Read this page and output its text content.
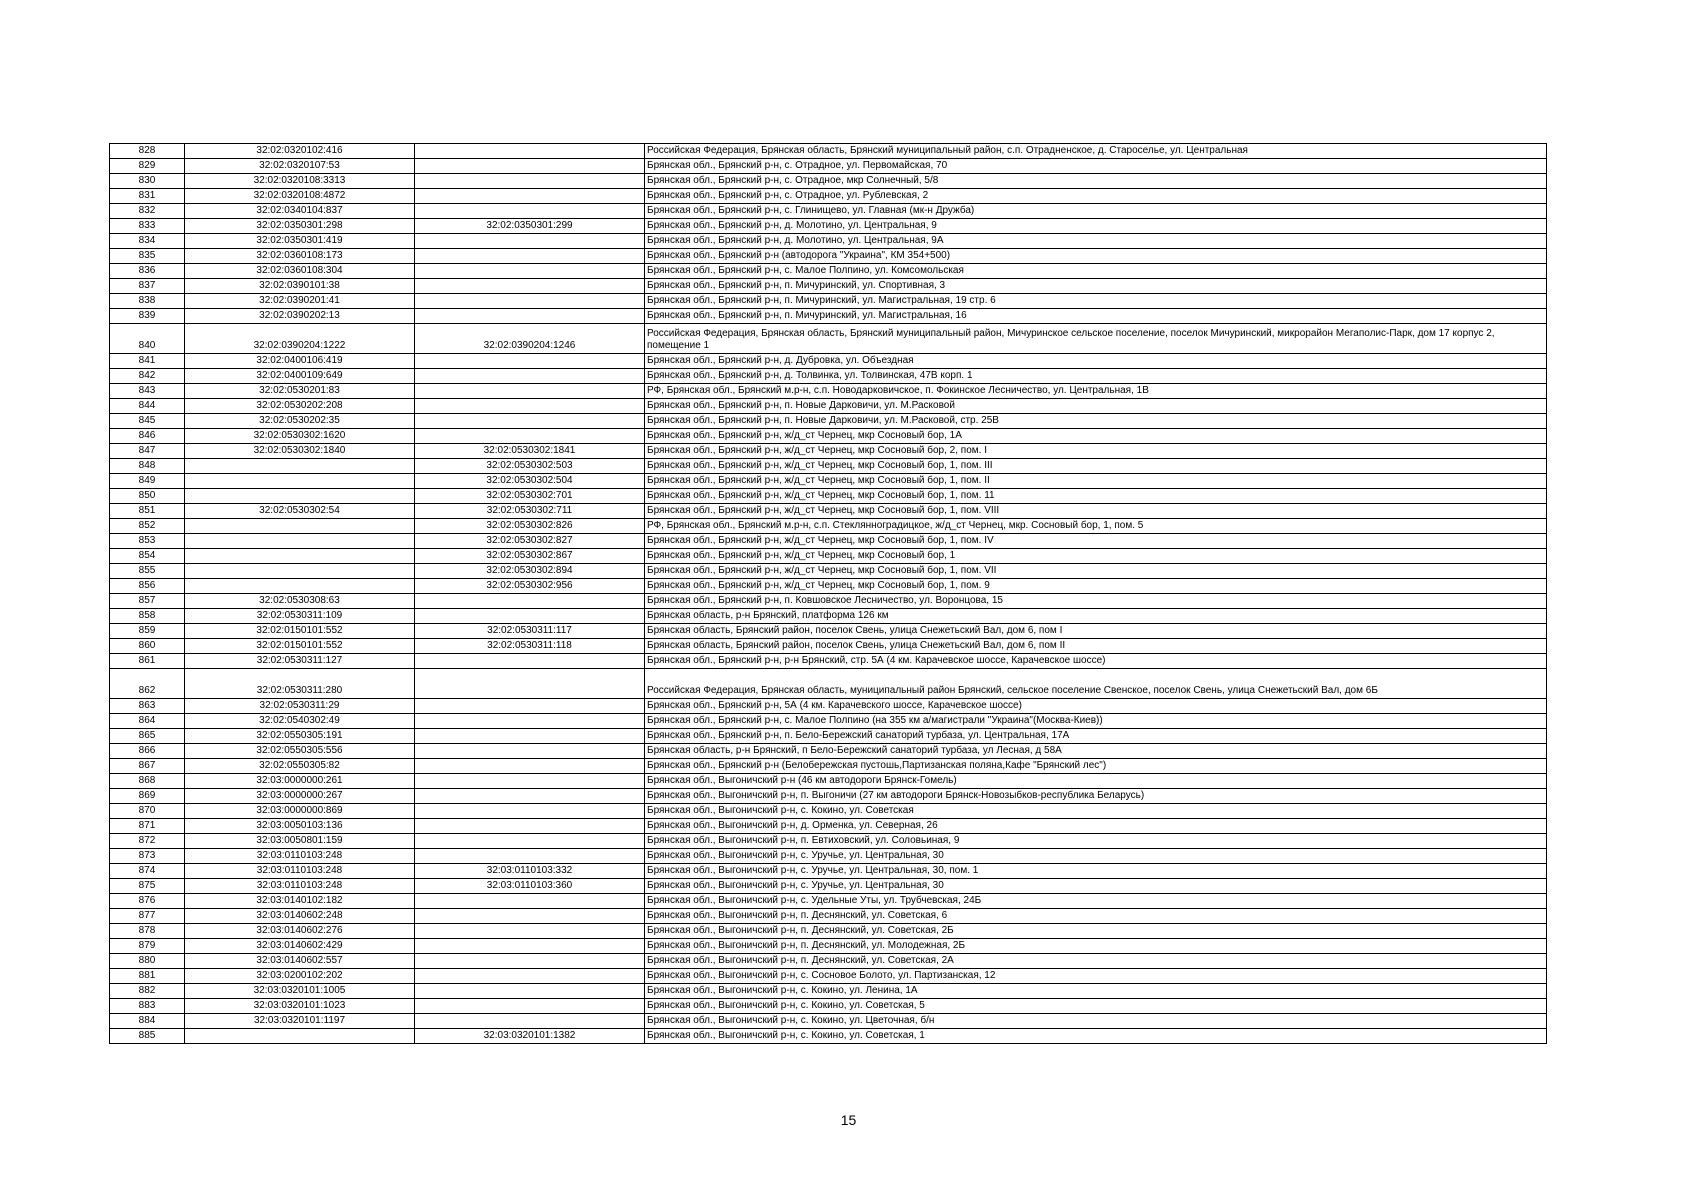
828	32:02:0320102:416		Российская Федерация, Брянская область, Брянский муниципальный район, с.п. Отрадненское, д. Староселье, ул. Центральная
829	32:02:0320107:53		Брянская обл., Брянский р-н, с. Отрадное, ул. Первомайская, 70
830	32:02:0320108:3313		Брянская обл., Брянский р-н, с. Отрадное, мкр Солнечный, 5/8
831	32:02:0320108:4872		Брянская обл., Брянский р-н, с. Отрадное, ул. Рублевская, 2
832	32:02:0340104:837		Брянская обл., Брянский р-н, с. Глинищево, ул. Главная (мк-н Дружба)
833	32:02:0350301:298	32:02:0350301:299	Брянская обл., Брянский р-н, д. Молотино, ул. Центральная, 9
834	32:02:0350301:419		Брянская обл., Брянский р-н, д. Молотино, ул. Центральная, 9А
835	32:02:0360108:173		Брянская обл., Брянский р-н (автодорога "Украина", КМ 354+500)
836	32:02:0360108:304		Брянская обл., Брянский р-н, с. Малое Полпино, ул. Комсомольская
837	32:02:0390101:38		Брянская обл., Брянский р-н, п. Мичуринский, ул. Спортивная, 3
838	32:02:0390201:41		Брянская обл., Брянский р-н, п. Мичуринский, ул. Магистральная, 19 стр. 6
839	32:02:0390202:13		Брянская обл., Брянский р-н, п. Мичуринский, ул. Магистральная, 16
840	32:02:0390204:1222	32:02:0390204:1246	Российская Федерация, Брянская область, Брянский муниципальный район, Мичуринское сельское поселение, поселок Мичуринский, микрорайон Мегаполис-Парк, дом 17 корпус 2, помещение 1
841	32:02:0400106:419		Брянская обл., Брянский р-н, д. Дубровка, ул. Объездная
842	32:02:0400109:649		Брянская обл., Брянский р-н, д. Толвинка, ул. Толвинская, 47В корп. 1
843	32:02:0530201:83		РФ, Брянская обл., Брянский м.р-н, с.п. Новодарковичское, п. Фокинское Лесничество, ул. Центральная, 1В
844	32:02:0530202:208		Брянская обл., Брянский р-н, п. Новые Дарковичи, ул. М.Расковой
845	32:02:0530202:35		Брянская обл., Брянский р-н, п. Новые Дарковичи, ул. М.Расковой, стр. 25В
846	32:02:0530302:1620		Брянская обл., Брянский р-н, ж/д_ст Чернец, мкр Сосновый бор, 1А
847	32:02:0530302:1840	32:02:0530302:1841	Брянская обл., Брянский р-н, ж/д_ст Чернец, мкр Сосновый бор, 2, пом. I
848		32:02:0530302:503	Брянская обл., Брянский р-н, ж/д_ст Чернец, мкр Сосновый бор, 1, пом. III
849		32:02:0530302:504	Брянская обл., Брянский р-н, ж/д_ст Чернец, мкр Сосновый бор, 1, пом. II
850		32:02:0530302:701	Брянская обл., Брянский р-н, ж/д_ст Чернец, мкр Сосновый бор, 1, пом. 11
851	32:02:0530302:54	32:02:0530302:711	Брянская обл., Брянский р-н, ж/д_ст Чернец, мкр Сосновый бор, 1, пом. VIII
852		32:02:0530302:826	РФ, Брянская обл., Брянский м.р-н, с.п. Стеклянноградицкое, ж/д_ст Чернец, мкр. Сосновый бор, 1, пом. 5
853		32:02:0530302:827	Брянская обл., Брянский р-н, ж/д_ст Чернец, мкр Сосновый бор, 1, пом. IV
854		32:02:0530302:867	Брянская обл., Брянский р-н, ж/д_ст Чернец, мкр Сосновый бор, 1
855		32:02:0530302:894	Брянская обл., Брянский р-н, ж/д_ст Чернец, мкр Сосновый бор, 1, пом. VII
856		32:02:0530302:956	Брянская обл., Брянский р-н, ж/д_ст Чернец, мкр Сосновый бор, 1, пом. 9
857	32:02:0530308:63		Брянская обл., Брянский р-н, п. Ковшовское Лесничество, ул. Воронцова, 15
858	32:02:0530311:109		Брянская область, р-н Брянский, платформа 126 км
859	32:02:0150101:552	32:02:0530311:117	Брянская область, Брянский район, поселок Свень, улица Снежетьский Вал, дом 6, пом I
860	32:02:0150101:552	32:02:0530311:118	Брянская область, Брянский район, поселок Свень, улица Снежетьский Вал, дом 6, пом II
861	32:02:0530311:127		Брянская обл., Брянский р-н, р-н Брянский, стр. 5А (4 км. Карачевское шоссе, Карачевское шоссе)
862	32:02:0530311:280		Российская Федерация, Брянская область, муниципальный район Брянский, сельское поселение Свенское, поселок Свень, улица Снежетьский Вал, дом 6Б
863	32:02:0530311:29		Брянская обл., Брянский р-н, 5А (4 км. Карачевского шоссе, Карачевское шоссе)
864	32:02:0540302:49		Брянская обл., Брянский р-н, с. Малое Полпино (на 355 км а/магистрали "Украина"(Москва-Киев))
865	32:02:0550305:191		Брянская обл., Брянский р-н, п. Бело-Бережский санаторий турбаза, ул. Центральная, 17А
866	32:02:0550305:556		Брянская область, р-н Брянский, п Бело-Бережский санаторий турбаза, ул Лесная, д 58А
867	32:02:0550305:82		Брянская обл., Брянский р-н (Белобережская пустошь,Партизанская поляна,Кафе "Брянский лес")
868	32:03:0000000:261		Брянская обл., Выгоничский р-н (46 км автодороги Брянск-Гомель)
869	32:03:0000000:267		Брянская обл., Выгоничский р-н, п. Выгоничи (27 км автодороги Брянск-Новозыбков-республика Беларусь)
870	32:03:0000000:869		Брянская обл., Выгоничский р-н, с. Кокино, ул. Советская
871	32:03:0050103:136		Брянская обл., Выгоничский р-н, д. Орменка, ул. Северная, 26
872	32:03:0050801:159		Брянская обл., Выгоничский р-н, п. Евтиховский, ул. Соловьиная, 9
873	32:03:0110103:248		Брянская обл., Выгоничский р-н, с. Уручье, ул. Центральная, 30
874	32:03:0110103:248	32:03:0110103:332	Брянская обл., Выгоничский р-н, с. Уручье, ул. Центральная, 30, пом. 1
875	32:03:0110103:248	32:03:0110103:360	Брянская обл., Выгоничский р-н, с. Уручье, ул. Центральная, 30
876	32:03:0140102:182		Брянская обл., Выгоничский р-н, с. Удельные Уты, ул. Трубчевская, 24Б
877	32:03:0140602:248		Брянская обл., Выгоничский р-н, п. Деснянский, ул. Советская, 6
878	32:03:0140602:276		Брянская обл., Выгоничский р-н, п. Деснянский, ул. Советская, 2Б
879	32:03:0140602:429		Брянская обл., Выгоничский р-н, п. Деснянский, ул. Молодежная, 2Б
880	32:03:0140602:557		Брянская обл., Выгоничский р-н, п. Деснянский, ул. Советская, 2А
881	32:03:0200102:202		Брянская обл., Выгоничский р-н, с. Сосновое Болото, ул. Партизанская, 12
882	32:03:0320101:1005		Брянская обл., Выгоничский р-н, с. Кокино, ул. Ленина, 1А
883	32:03:0320101:1023		Брянская обл., Выгоничский р-н, с. Кокино, ул. Советская, 5
884	32:03:0320101:1197		Брянская обл., Выгоничский р-н, с. Кокино, ул. Цветочная, б/н
885		32:03:0320101:1382	Брянская обл., Выгоничский р-н, с. Кокино, ул. Советская, 1
15
